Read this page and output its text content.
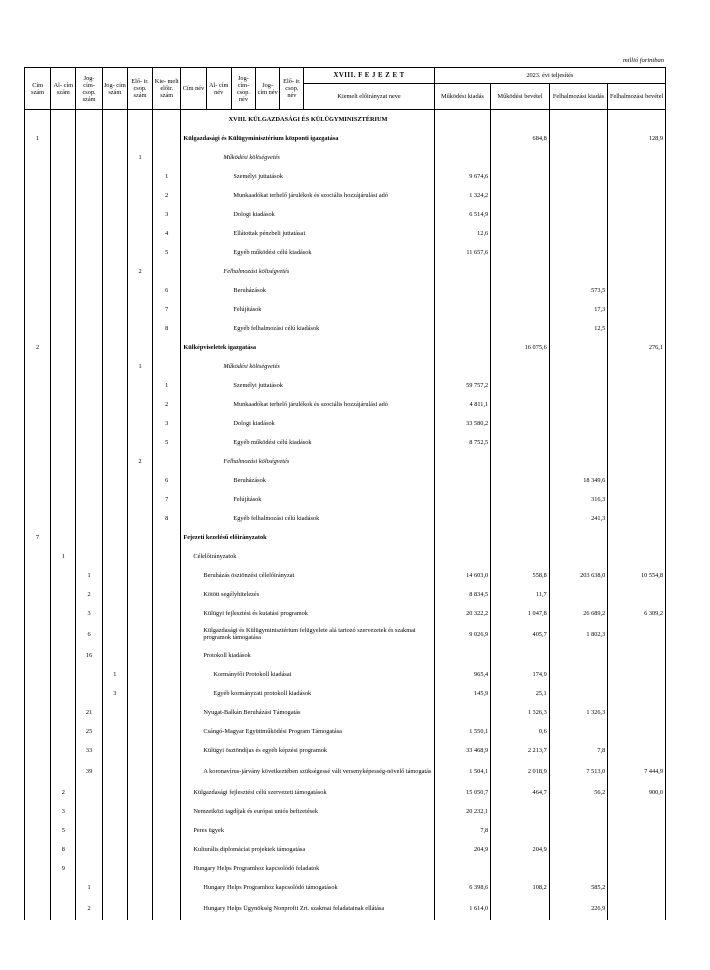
millió forintban
Cím szám	Al- cím szám	Jog- cím- csop. szám	Jog- cím szám	Elő- ir. csop. szám	Kie- melt előir. szám	Cím név	Al- cím név	Jog- cím- csop. név	Jog- cím név	Elő- ir. csop. név	XVIII. F E J E Z E T	2023. évi teljesítés			
											Kiemelt előirányzat neve	Működési kiadás	Működési bevétel	Felhalmozási kiadás	Felhalmozási bevétel
						XVIII. KÜLGAZDASÁGI ÉS KÜLÜGYMINISZTÉRIUM									
1						Külgazdasági és Külügyminisztérium központi igazgatása							684,8		128,9
				1		Működési költségvetés									
					1	Személyi juttatások						9 674,6			
					2	Munkaadókat terhelő járulékok és szociális hozzájárulási adó						1 324,2			
					3	Dologi kiadások						6 514,9			
					4	Ellátottak pénzbeli juttatásai						12,6			
					5	Egyéb működési célú kiadások						11 657,6			
				2		Felhalmozási költségvetés									
					6	Beruházások								573,5	
					7	Felújítások								17,3	
					8	Egyéb felhalmozási célú kiadások								12,5	
2						Külképviseletek igazgatása							16 075,6		276,1
				1		Működési költségvetés									
					1	Személyi juttatások						59 757,2			
					2	Munkaadókat terhelő járulékok és szociális hozzájárulási adó						4 811,1			
					3	Dologi kiadások						33 580,2			
					5	Egyéb működési célú kiadások						8 752,5			
				2		Felhalmozási költségvetés									
					6	Beruházások								18 349,6	
					7	Felújítások								316,3	
					8	Egyéb felhalmozási célú kiadások								241,3	
7						Fejezeti kezelésű előirányzatok									
	1					Célelőirányzatok									
		1				Beruházás ösztönzési célelőirányzat						14 603,0	558,8	203 638,0	10 554,8
		2				Kötött segélyhitelezés						8 834,5	11,7		
		3				Külügyi fejlesztési és kutatási programok						20 322,2	1 047,8	26 689,2	6 309,2
		6				Külgazdasági és Külügyminisztérium felügyelete alá tartozó szervezetek és szakmai programok támogatása						9 026,9	405,7	1 802,3	
		16				Protokoll kiadások									
			1			Kormányfői Protokoll kiadásai						965,4	174,9		
			3			Egyéb kormányzati protokoll kiadások						145,9	25,1		
		21				Nyugat-Balkán Beruházási Támogatás							1 326,3	1 326,3	
		25				Csángó-Magyar Együttműködési Program Támogatása						1 550,1	0,6		
		33				Külügyi ösztöndíjas és egyéb képzési programok						33 468,9	2 213,7	7,8	
		39				A koronavírus-járvány következtében szükségessé vált versenyképesség-növelő támogatás						1 504,1	2 018,9	7 513,0	7 444,9
	2					Külgazdasági fejlesztési célú szervezeti támogatások						15 050,7	464,7	56,2	900,0
	3					Nemzetközi tagdíjak és európai uniós befizetések						20 232,1			
	5					Peres ügyek						7,8			
	8					Kulturális diplomáciai projektek támogatása						204,9	204,9		
	9					Hungary Helps Programhoz kapcsolódó feladatok									
		1				Hungary Helps Programhoz kapcsolódó támogatások						6 398,6	108,2	585,2	
		2				Hungary Helps Ügynökség Nonprofit Zrt. szakmai feladatainak ellátása						1 614,0		226,9	
